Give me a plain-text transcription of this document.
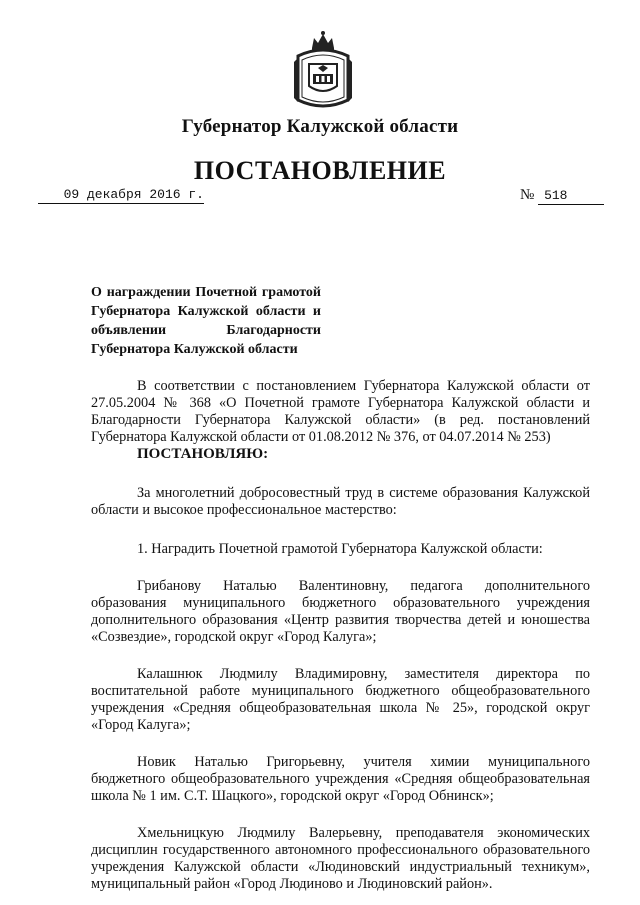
Губернатор Калужской области
ПОСТАНОВЛЕНИЕ
09 декабря 2016 г.	№ 518
О награждении Почетной грамотой Губернатора Калужской области и объявлении Благодарности Губернатора Калужской области

В соответствии с постановлением Губернатора Калужской области от 27.05.2004 № 368 «О Почетной грамоте Губернатора Калужской области и Благодарности Губернатора Калужской области» (в ред. постановлений Губернатора Калужской области от 01.08.2012 № 376, от 04.07.2014 № 253)
ПОСТАНОВЛЯЮ:

За многолетний добросовестный труд в системе образования Калужской области и высокое профессиональное мастерство:

1. Наградить Почетной грамотой Губернатора Калужской области:

Грибанову Наталью Валентиновну, педагога дополнительного образования муниципального бюджетного образовательного учреждения дополнительного образования «Центр развития творчества детей и юношества «Созвездие», городской округ «Город Калуга»;

Калашнюк Людмилу Владимировну, заместителя директора по воспитательной работе муниципального бюджетного общеобразовательного учреждения «Средняя общеобразовательная школа № 25», городской округ «Город Калуга»;

Новик Наталью Григорьевну, учителя химии муниципального бюджетного общеобразовательного учреждения «Средняя общеобразовательная школа № 1 им. С.Т. Шацкого», городской округ «Город Обнинск»;

Хмельницкую Людмилу Валерьевну, преподавателя экономических дисциплин государственного автономного профессионального образовательного учреждения Калужской области «Людиновский индустриальный техникум», муниципальный район «Город Людиново и Людиновский район».
